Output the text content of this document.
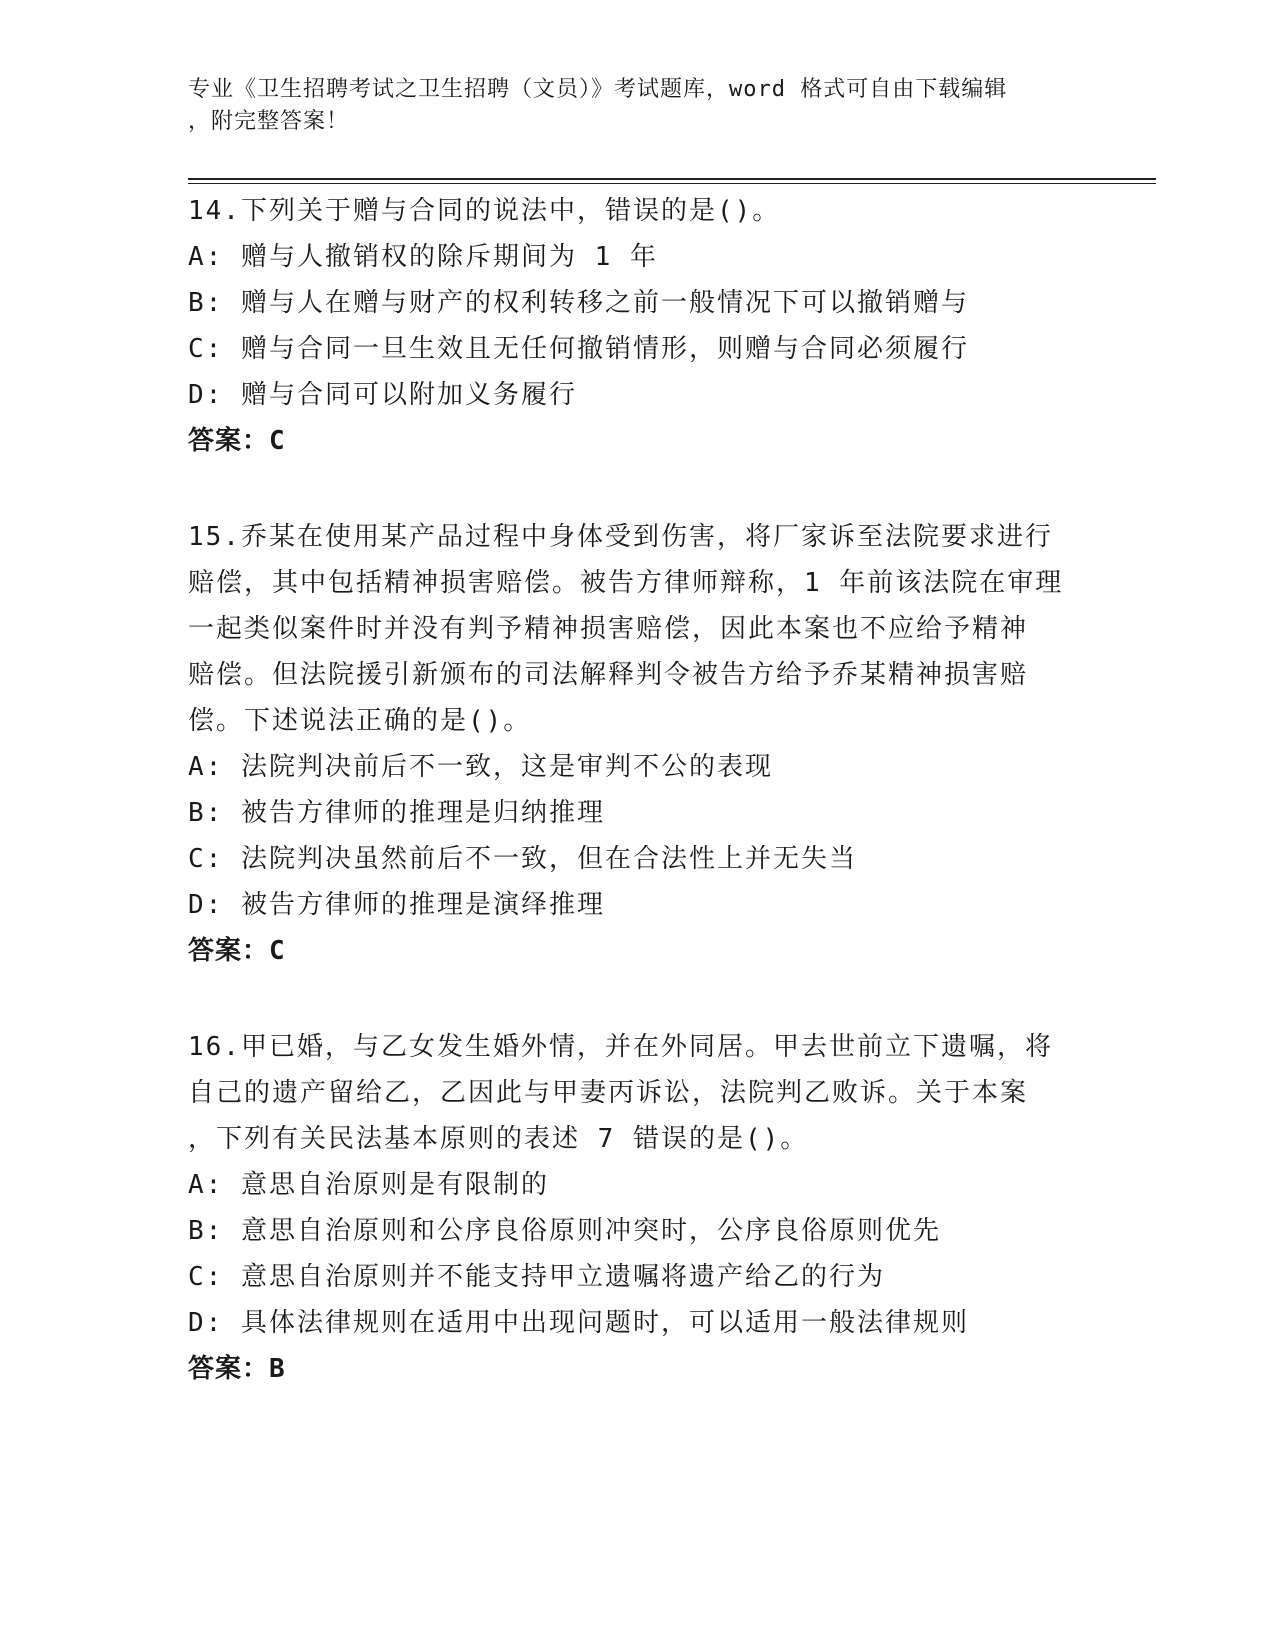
专业《卫生招聘考试之卫生招聘（文员）》考试题库，word 格式可自由下载编辑
，附完整答案！
14.下列关于赠与合同的说法中，错误的是()。
A: 赠与人撤销权的除斥期间为 1 年
B: 赠与人在赠与财产的权利转移之前一般情况下可以撤销赠与
C: 赠与合同一旦生效且无任何撤销情形，则赠与合同必须履行
D: 赠与合同可以附加义务履行
答案：C
15.乔某在使用某产品过程中身体受到伤害，将厂家诉至法院要求进行
赔偿，其中包括精神损害赔偿。被告方律师辩称，1 年前该法院在审理
一起类似案件时并没有判予精神损害赔偿，因此本案也不应给予精神
赔偿。但法院援引新颁布的司法解释判令被告方给予乔某精神损害赔
偿。下述说法正确的是()。
A: 法院判决前后不一致，这是审判不公的表现
B: 被告方律师的推理是归纳推理
C: 法院判决虽然前后不一致，但在合法性上并无失当
D: 被告方律师的推理是演绎推理
答案：C
16.甲已婚，与乙女发生婚外情，并在外同居。甲去世前立下遗嘱，将
自己的遗产留给乙，乙因此与甲妻丙诉讼，法院判乙败诉。关于本案
，下列有关民法基本原则的表述 7 错误的是()。
A: 意思自治原则是有限制的
B: 意思自治原则和公序良俗原则冲突时，公序良俗原则优先
C: 意思自治原则并不能支持甲立遗嘱将遗产给乙的行为
D: 具体法律规则在适用中出现问题时，可以适用一般法律规则
答案：B
